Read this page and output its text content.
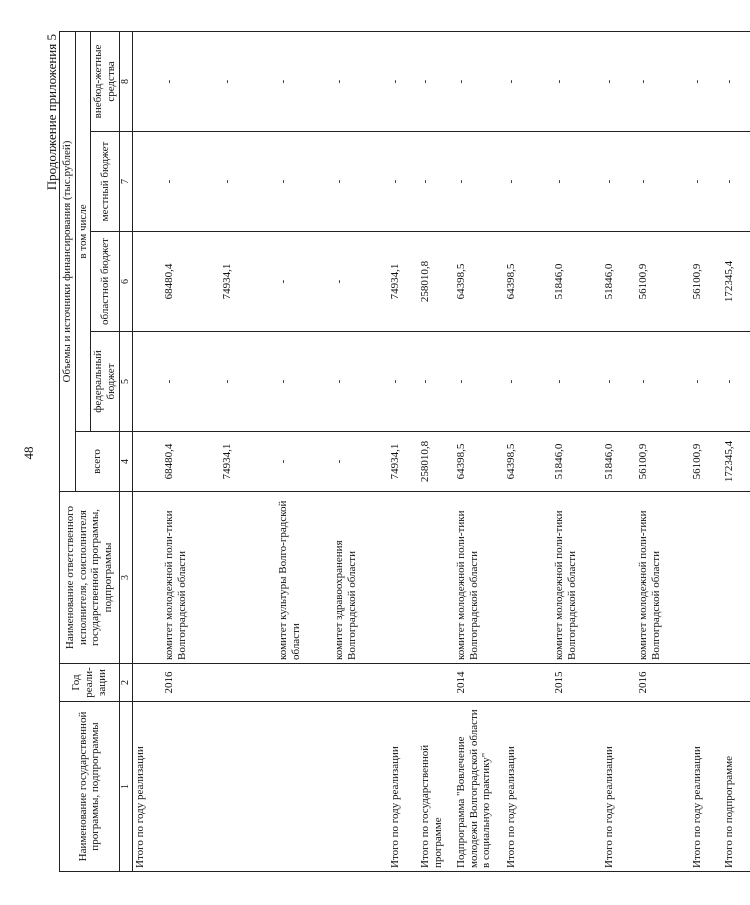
48
Продолжение приложения 5
Наименование государственной программы, подпрограммы	Год реали-зации	Наименование ответственного исполнителя, соисполнителя государственной программы, подпрограммы	Объемы и источники финансирования (тыс.рублей)				
			всего	в том числе			
				федеральный бюджет	областной бюджет	местный бюджет	внебюд-жетные средства
1	2	3	4	5	6	7	8
Итого по году реализации							
	2016	комитет молодежной поли-тики Волгоградской области	68480,4	-	68480,4	-	-
			74934,1	-	74934,1	-	-
		комитет культуры Волго-градской области	-	-	-	-	-
		комитет здравоохранения Волгоградской области	-	-	-	-	-
Итого по году реализации			74934,1	-	74934,1	-	-
Итого по государственной программе			258010,8	-	258010,8	-	-
Подпрограмма "Вовлечение молодежи Волгоградской области в социальную практику"	2014	комитет молодежной поли-тики Волгоградской области	64398,5	-	64398,5	-	-
Итого по году реализации			64398,5	-	64398,5	-	-
	2015	комитет молодежной поли-тики Волгоградской области	51846,0	-	51846,0	-	-
Итого по году реализации			51846,0	-	51846,0	-	-
	2016	комитет молодежной поли-тики Волгоградской области	56100,9	-	56100,9	-	-
Итого по году реализации			56100,9	-	56100,9	-	-
Итого по подпрограмме			172345,4	-	172345,4	-	-
